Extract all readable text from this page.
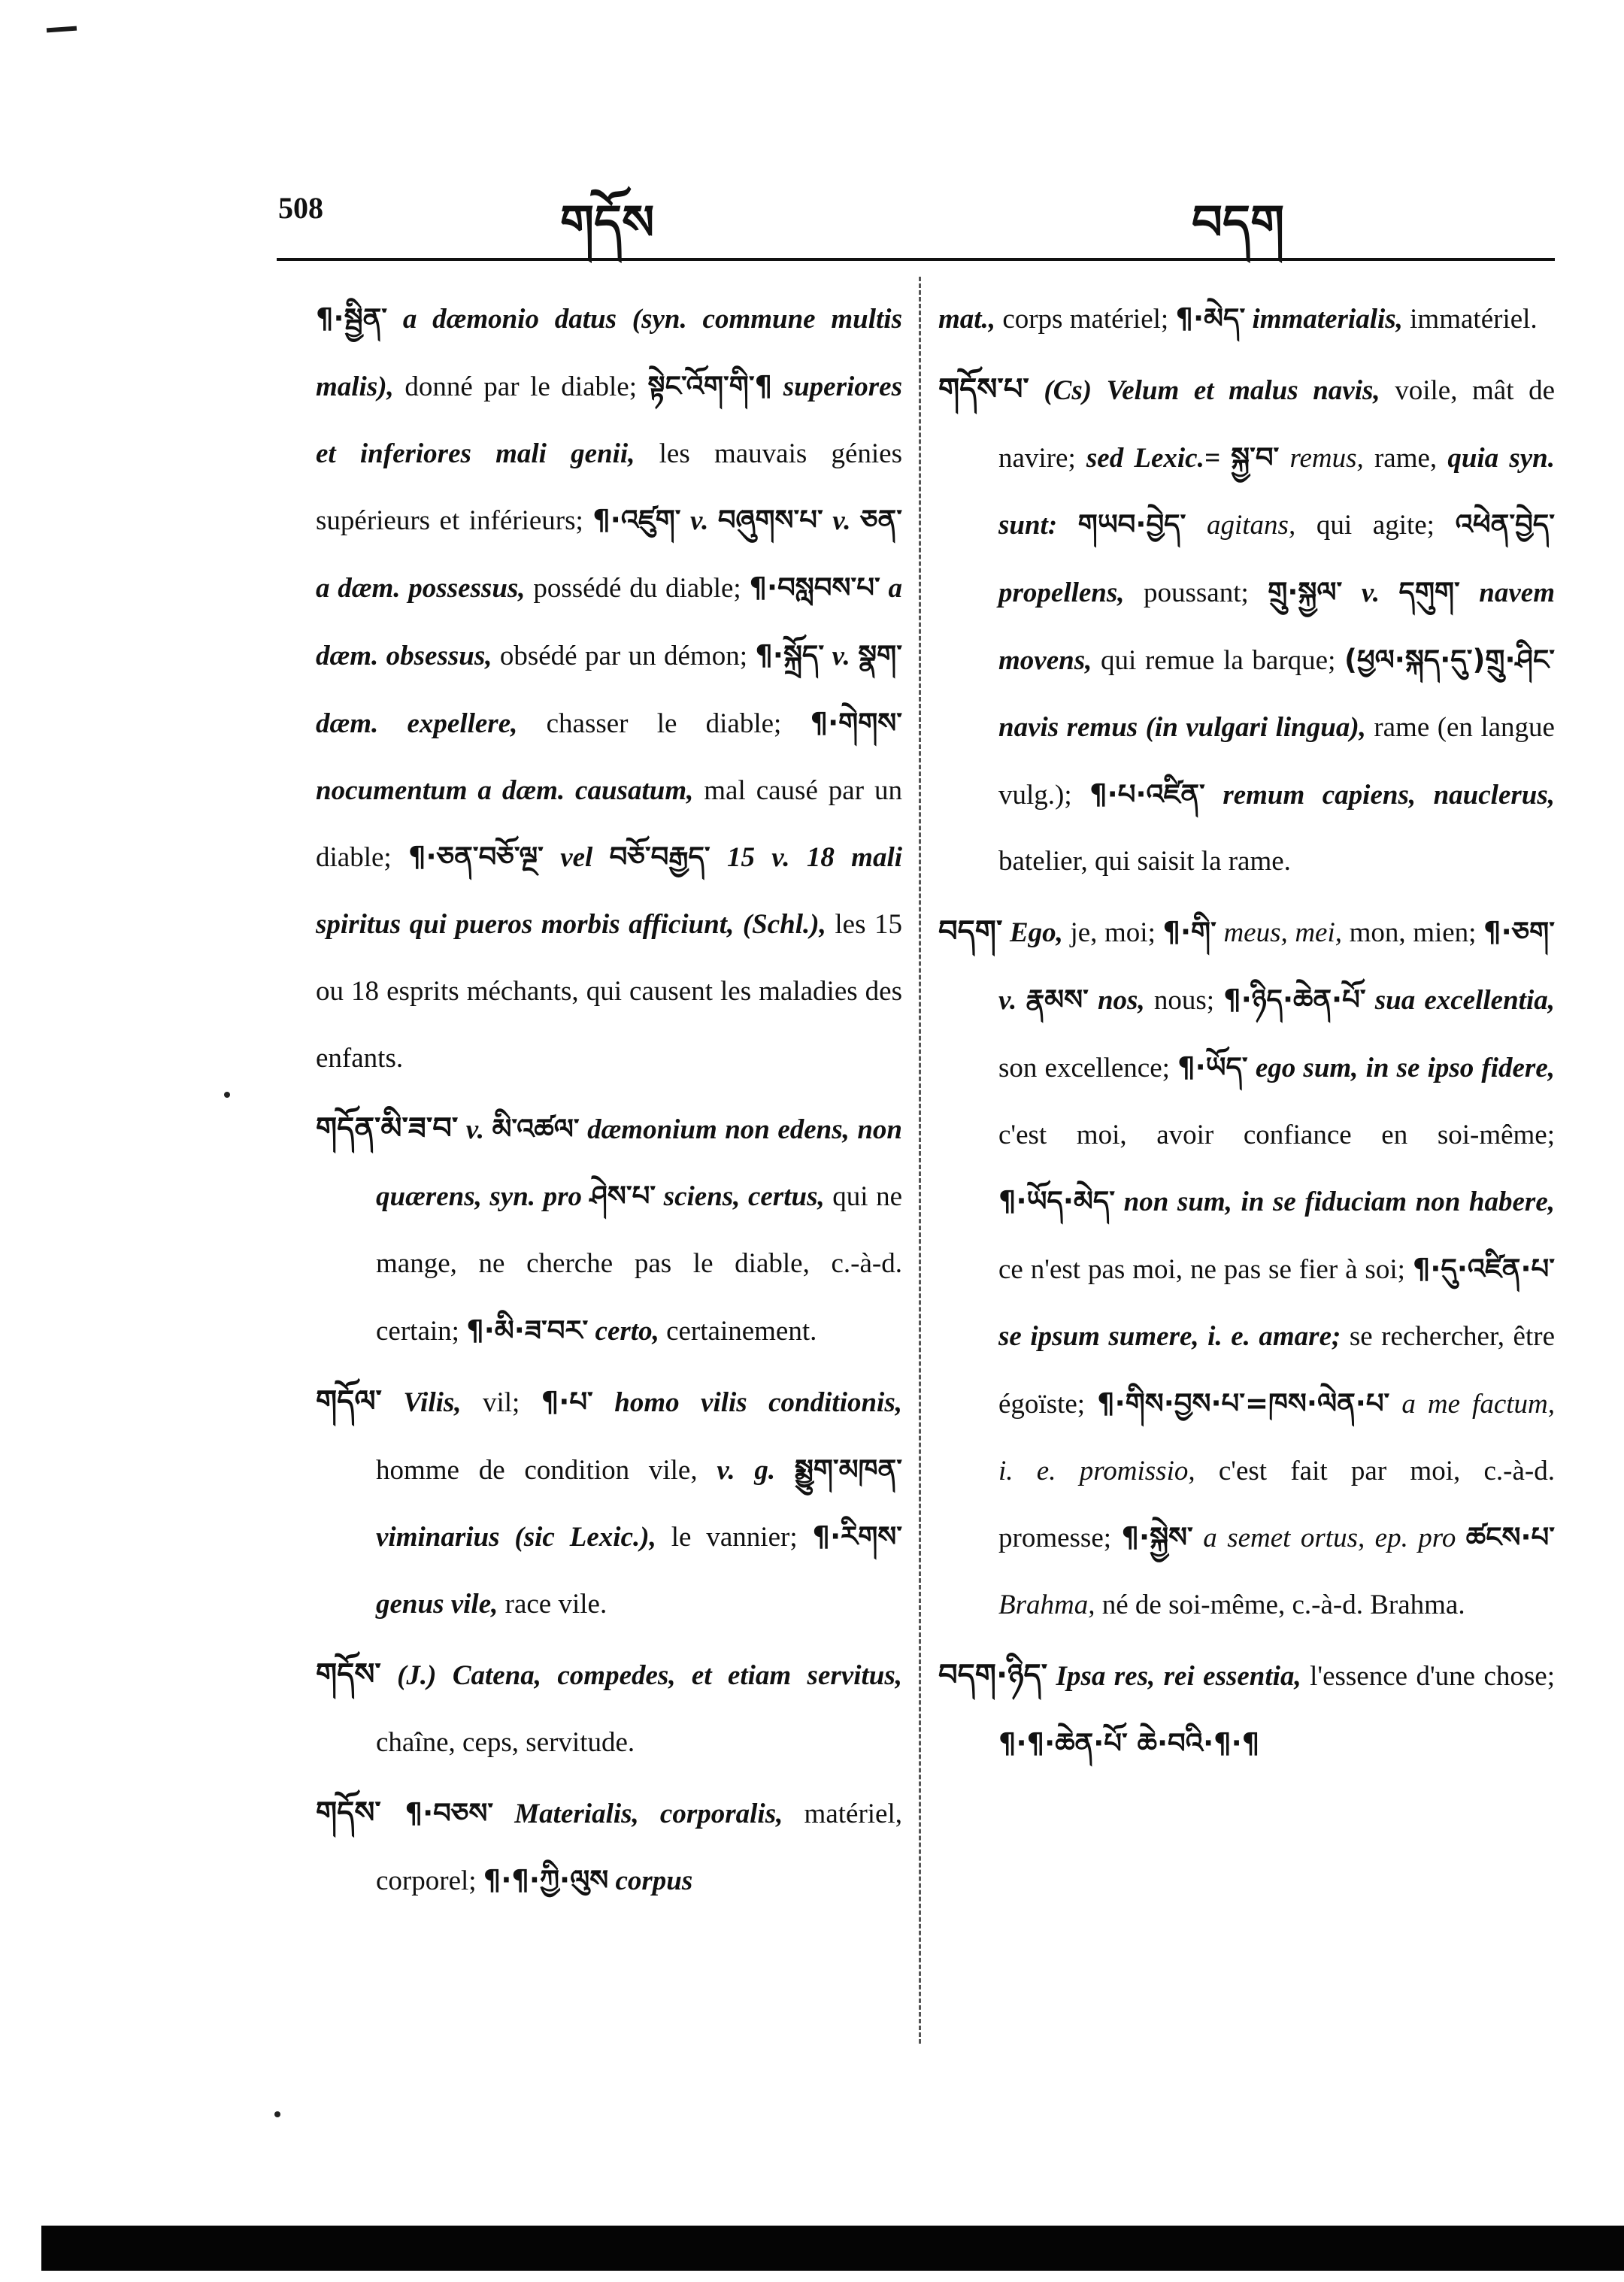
508	གདོས	བདག

¶·སྦྱིན་ a dæmonio datus (syn. commune multis malis), donné par le diable; སྟེང་འོག་གི་¶ superiores et inferiores mali genii, les mauvais génies supérieurs et inférieurs; ¶·འཛུག་ v. བཞུགས་པ་ v. ཅན་ a dæm. possessus, possédé du diable; ¶·བསླབས་པ་ a dæm. obsessus, obsédé par un démon; ¶·སྐྲོད་ v. སྣག་ dæm. expellere, chasser le diable; ¶·གེགས་ nocumentum a dæm. causatum, mal causé par un diable; ¶·ཅན་བཅོ་ལྔ་ vel བཅོ་བརྒྱད་ 15 v. 18 mali spiritus qui pueros morbis afficiunt, (Schl.), les 15 ou 18 esprits méchants, qui causent les maladies des enfants.

གདོན་མི་ཟ་བ་ v. མི་འཚལ་ dæmonium non edens, non quærens, syn. pro ཤེས་པ་ sciens, certus, qui ne mange, ne cherche pas le diable, c.-à-d. certain; ¶·མི·ཟ་བར་ certo, certainement.

གདོལ་ Vilis, vil; ¶·པ་ homo vilis conditionis, homme de condition vile, v. g. སྨྱུག་མཁན་ viminarius (sic Lexic.), le vannier; ¶·རིགས་ genus vile, race vile.

གདོས་ (J.) Catena, compedes, et etiam servitus, chaîne, ceps, servitude.

གདོས་ ¶·བཅས་ Materialis, corporalis, matériel, corporel; ¶·¶·ཀྱི·ལུས corpus

mat., corps matériel; ¶·མེད་ immaterialis, immatériel.

གདོས་པ་ (Cs) Velum et malus navis, voile, mât de navire; sed Lexic.= སྐྱ་བ་ remus, rame, quia syn. sunt: གཡབ·བྱེད་ agitans, qui agite; འཕེན་བྱེད་ propellens, poussant; གྲུ·སྐྱལ་ v. དགུག་ navem movens, qui remue la barque; (ཕྱལ·སྐད·དུ་)གྲུ·ཤིང་ navis remus (in vulgari lingua), rame (en langue vulg.); ¶·པ·འཛིན་ remum capiens, nauclerus, batelier, qui saisit la rame.

བདག་ Ego, je, moi; ¶·གི་ meus, mei, mon, mien; ¶·ཅག་ v. རྣམས་ nos, nous; ¶·ཉིད·ཆེན·པོ་ sua excellentia, son excellence; ¶·ཡོད་ ego sum, in se ipso fidere, c'est moi, avoir confiance en soi-même; ¶·ཡོད·མེད་ non sum, in se fiduciam non habere, ce n'est pas moi, ne pas se fier à soi; ¶·དུ·འཛིན·པ་ se ipsum sumere, i. e. amare; se rechercher, être égoïste; ¶·གིས·བྱས·པ་=ཁས·ལེན·པ་ a me factum, i. e. promissio, c'est fait par moi, c.-à-d. promesse; ¶·སྐྱེས་ a semet ortus, ep. pro ཚངས·པ་ Brahma, né de soi-même, c.-à-d. Brahma.

བདག·ཉིད་ Ipsa res, rei essentia, l'essence d'une chose; ¶·¶·ཆེན·པོ་ ཆེ·བའི·¶·¶
